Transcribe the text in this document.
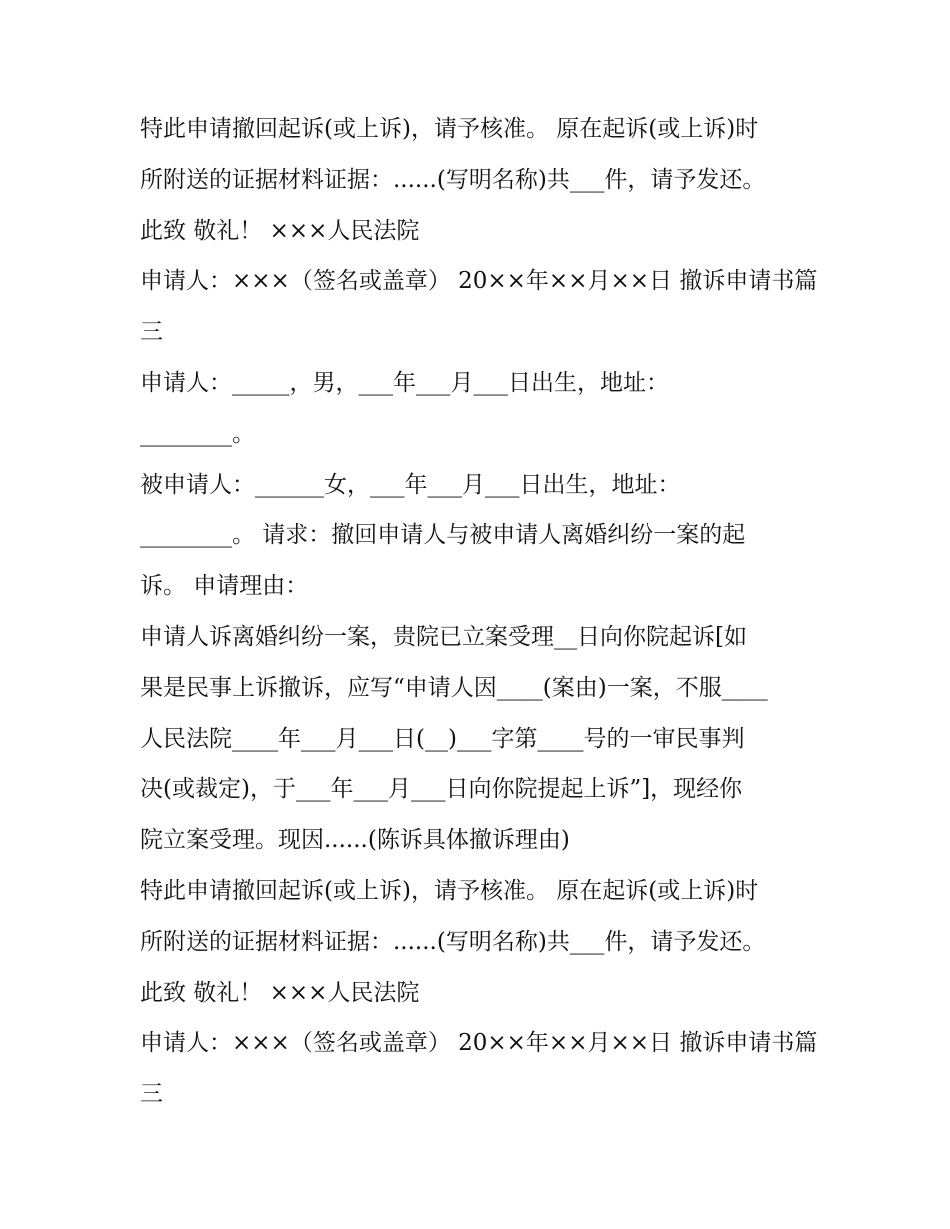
特此申请撤回起诉(或上诉)，请予核准。 原在起诉(或上诉)时
所附送的证据材料证据：......(写明名称)共___件，请予发还。
此致 敬礼！ ×××人民法院
申请人：×××（签名或盖章） 20××年××月××日 撤诉申请书篇
三
申请人：_____，男，___年___月___日出生，地址：
________。
被申请人：______女，___年___月___日出生，地址：
________。 请求：撤回申请人与被申请人离婚纠纷一案的起
诉。 申请理由：
申请人诉离婚纠纷一案，贵院已立案受理__日向你院起诉[如
果是民事上诉撤诉，应写“申请人因____(案由)一案，不服____
人民法院____年___月___日(__)___字第____号的一审民事判
决(或裁定)，于___年___月___日向你院提起上诉”]，现经你
院立案受理。现因......(陈诉具体撤诉理由)
特此申请撤回起诉(或上诉)，请予核准。 原在起诉(或上诉)时
所附送的证据材料证据：......(写明名称)共___件，请予发还。
此致 敬礼！ ×××人民法院
申请人：×××（签名或盖章） 20××年××月××日 撤诉申请书篇
三
